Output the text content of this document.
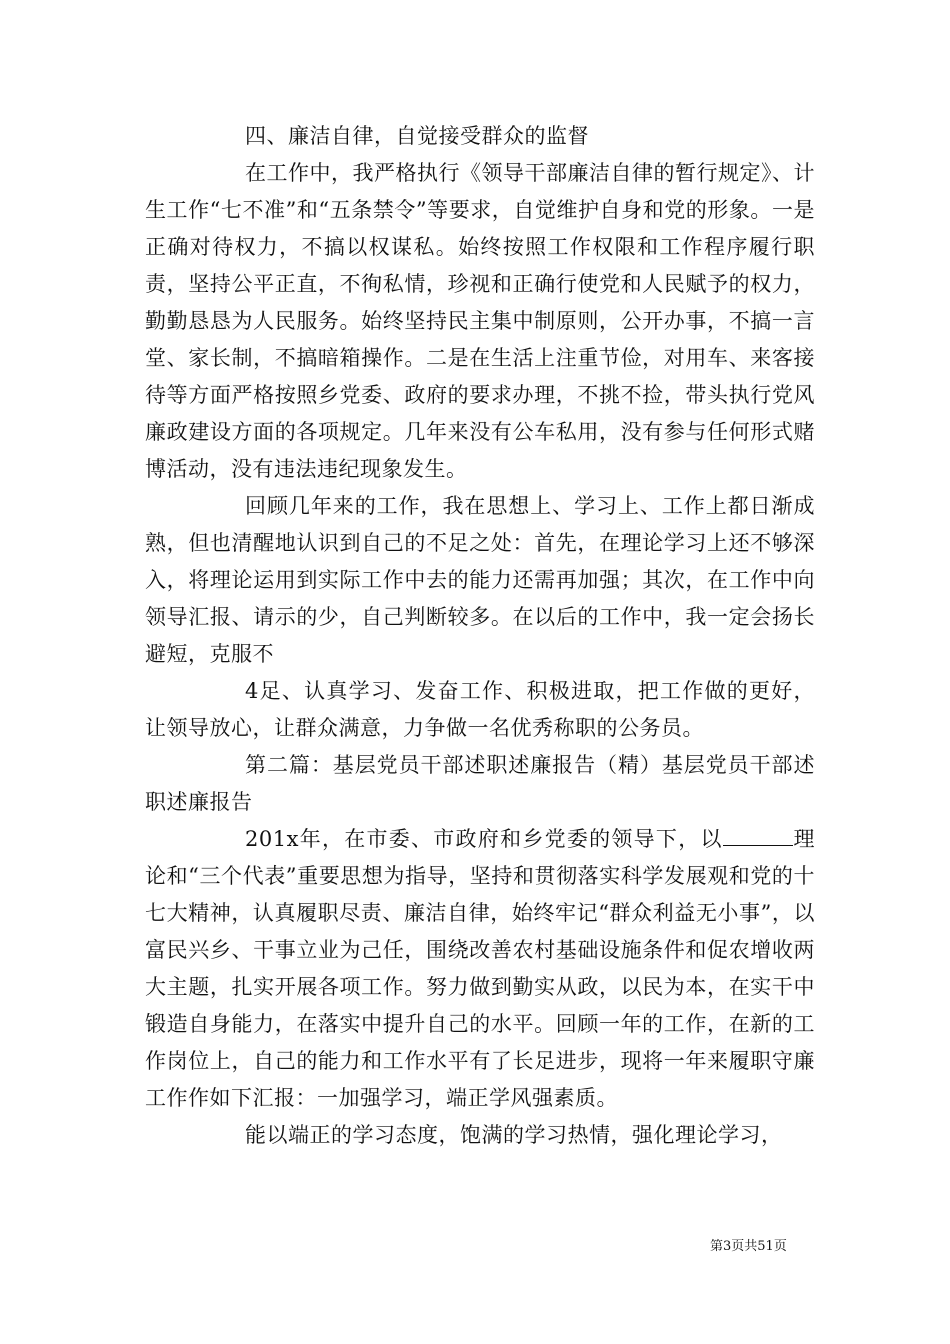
四、廉洁自律，自觉接受群众的监督

在工作中，我严格执行《领导干部廉洁自律的暂行规定》、计生工作“七不准”和“五条禁令”等要求，自觉维护自身和党的形象。一是正确对待权力，不搞以权谋私。始终按照工作权限和工作程序履行职责，坚持公平正直，不徇私情，珍视和正确行使党和人民赋予的权力，勤勤恳恳为人民服务。始终坚持民主集中制原则，公开办事，不搞一言堂、家长制，不搞暗箱操作。二是在生活上注重节俭，对用车、来客接待等方面严格按照乡党委、政府的要求办理，不挑不捡，带头执行党风廉政建设方面的各项规定。几年来没有公车私用，没有参与任何形式赌博活动，没有违法违纪现象发生。

回顾几年来的工作，我在思想上、学习上、工作上都日渐成熟，但也清醒地认识到自己的不足之处：首先，在理论学习上还不够深入，将理论运用到实际工作中去的能力还需再加强；其次，在工作中向领导汇报、请示的少，自己判断较多。在以后的工作中，我一定会扬长避短，克服不

4足、认真学习、发奋工作、积极进取，把工作做的更好，让领导放心，让群众满意，力争做一名优秀称职的公务员。

第二篇：基层党员干部述职述廉报告（精）基层党员干部述职述廉报告

201x年，在市委、市政府和乡党委的领导下，以	理论和“三个代表”重要思想为指导，坚持和贯彻落实科学发展观和党的十七大精神，认真履职尽责、廉洁自律，始终牢记“群众利益无小事”，以富民兴乡、干事立业为己任，围绕改善农村基础设施条件和促农增收两大主题，扎实开展各项工作。努力做到勤实从政，以民为本，在实干中锻造自身能力，在落实中提升自己的水平。回顾一年的工作，在新的工作岗位上，自己的能力和工作水平有了长足进步，现将一年来履职守廉工作作如下汇报：一加强学习，端正学风强素质。

能以端正的学习态度，饱满的学习热情，强化理论学习，

第3页共51页
